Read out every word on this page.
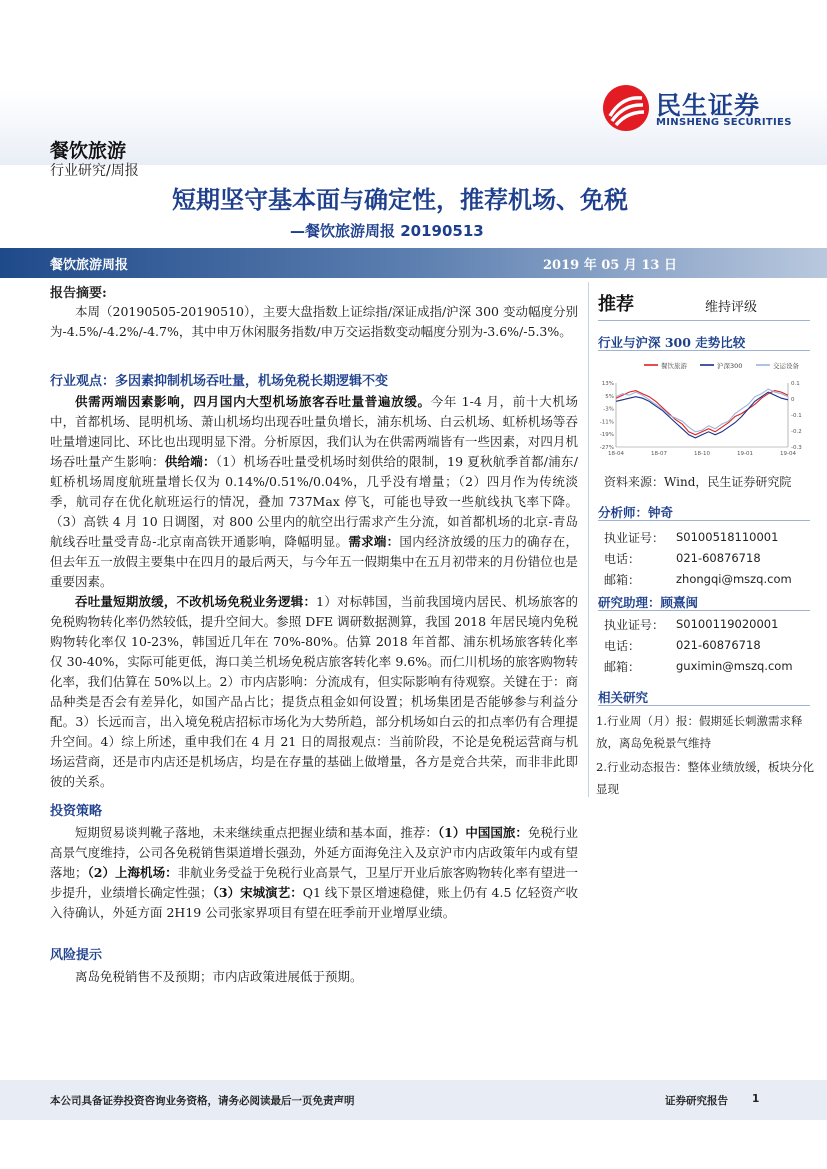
民生证券
MINSHENG SECURITIES
餐饮旅游
行业研究/周报
短期坚守基本面与确定性，推荐机场、免税
—餐饮旅游周报 20190513
餐饮旅游周报	2019 年 05 月 13 日
报告摘要:

本周（20190505-20190510），主要大盘指数上证综指/深证成指/沪深 300 变动幅度分别为-4.5%/-4.2%/-4.7%，其中申万休闲服务指数/申万交运指数变动幅度分别为-3.6%/-5.3%。

行业观点：多因素抑制机场吞吐量，机场免税长期逻辑不变

供需两端因素影响，四月国内大型机场旅客吞吐量普遍放缓。今年 1-4 月，前十大机场中，首都机场、昆明机场、萧山机场均出现吞吐量负增长，浦东机场、白云机场、虹桥机场等吞吐量增速同比、环比也出现明显下滑。分析原因，我们认为在供需两端皆有一些因素，对四月机场吞吐量产生影响：供给端：（1）机场吞吐量受机场时刻供给的限制，19 夏秋航季首都/浦东/虹桥机场周度航班量增长仅为 0.14%/0.51%/0.04%，几乎没有增量；（2）四月作为传统淡季，航司存在优化航班运行的情况，叠加 737Max 停飞，可能也导致一些航线执飞率下降。（3）高铁 4 月 10 日调图，对 800 公里内的航空出行需求产生分流，如首都机场的北京-青岛航线吞吐量受青岛-北京南高铁开通影响，降幅明显。需求端：国内经济放缓的压力的确存在，但去年五一放假主要集中在四月的最后两天，与今年五一假期集中在五月初带来的月份错位也是重要因素。

吞吐量短期放缓，不改机场免税业务逻辑：1）对标韩国，当前我国境内居民、机场旅客的免税购物转化率仍然较低，提升空间大。参照 DFE 调研数据测算，我国 2018 年居民境内免税购物转化率仅 10-23%，韩国近几年在 70%-80%。估算 2018 年首都、浦东机场旅客转化率仅 30-40%，实际可能更低，海口美兰机场免税店旅客转化率 9.6%。而仁川机场的旅客购物转化率，我们估算在 50%以上。2）市内店影响：分流成有，但实际影响有待观察。关键在于：商品种类是否会有差异化，如国产品占比；提货点租金如何设置；机场集团是否能够参与利益分配。3）长远而言，出入境免税店招标市场化为大势所趋，部分机场如白云的扣点率仍有合理提升空间。4）综上所述，重申我们在 4 月 21 日的周报观点：当前阶段，不论是免税运营商与机场运营商，还是市内店还是机场店，均是在存量的基础上做增量，各方是竞合共荣，而非非此即彼的关系。

投资策略

短期贸易谈判靴子落地，未来继续重点把握业绩和基本面，推荐：（1）中国国旅：免税行业高景气度维持，公司各免税销售渠道增长强劲，外延方面海免注入及京沪市内店政策年内或有望落地；（2）上海机场：非航业务受益于免税行业高景气，卫星厅开业后旅客购物转化率有望进一步提升，业绩增长确定性强；（3）宋城演艺：Q1 线下景区增速稳健，账上仍有 4.5 亿轻资产收入待确认，外延方面 2H19 公司张家界项目有望在旺季前开业增厚业绩。

风险提示

离岛免税销售不及预期；市内店政策进展低于预期。

推荐	维持评级
行业与沪深 300 走势比较
餐饮旅游	沪深300	交运设备
13%
5%
-3%
-11%
-19%
-27%
0.1
0
-0.1
-0.2
-0.3
18-04	18-07	18-10	19-01	19-04
资料来源：Wind，民生证券研究院
分析师：钟奇
执业证号： S0100518110001
电话：	021-60876718
邮箱：	zhongqi@mszq.com
研究助理：顾熹闽
执业证号： S0100119020001
电话：	021-60876718
邮箱：	guximin@mszq.com
相关研究
1.行业周（月）报：假期延长刺激需求释放，离岛免税景气维持
2.行业动态报告：整体业绩放缓，板块分化显现
本公司具备证券投资咨询业务资格，请务必阅读最后一页免责声明	证券研究报告 1
